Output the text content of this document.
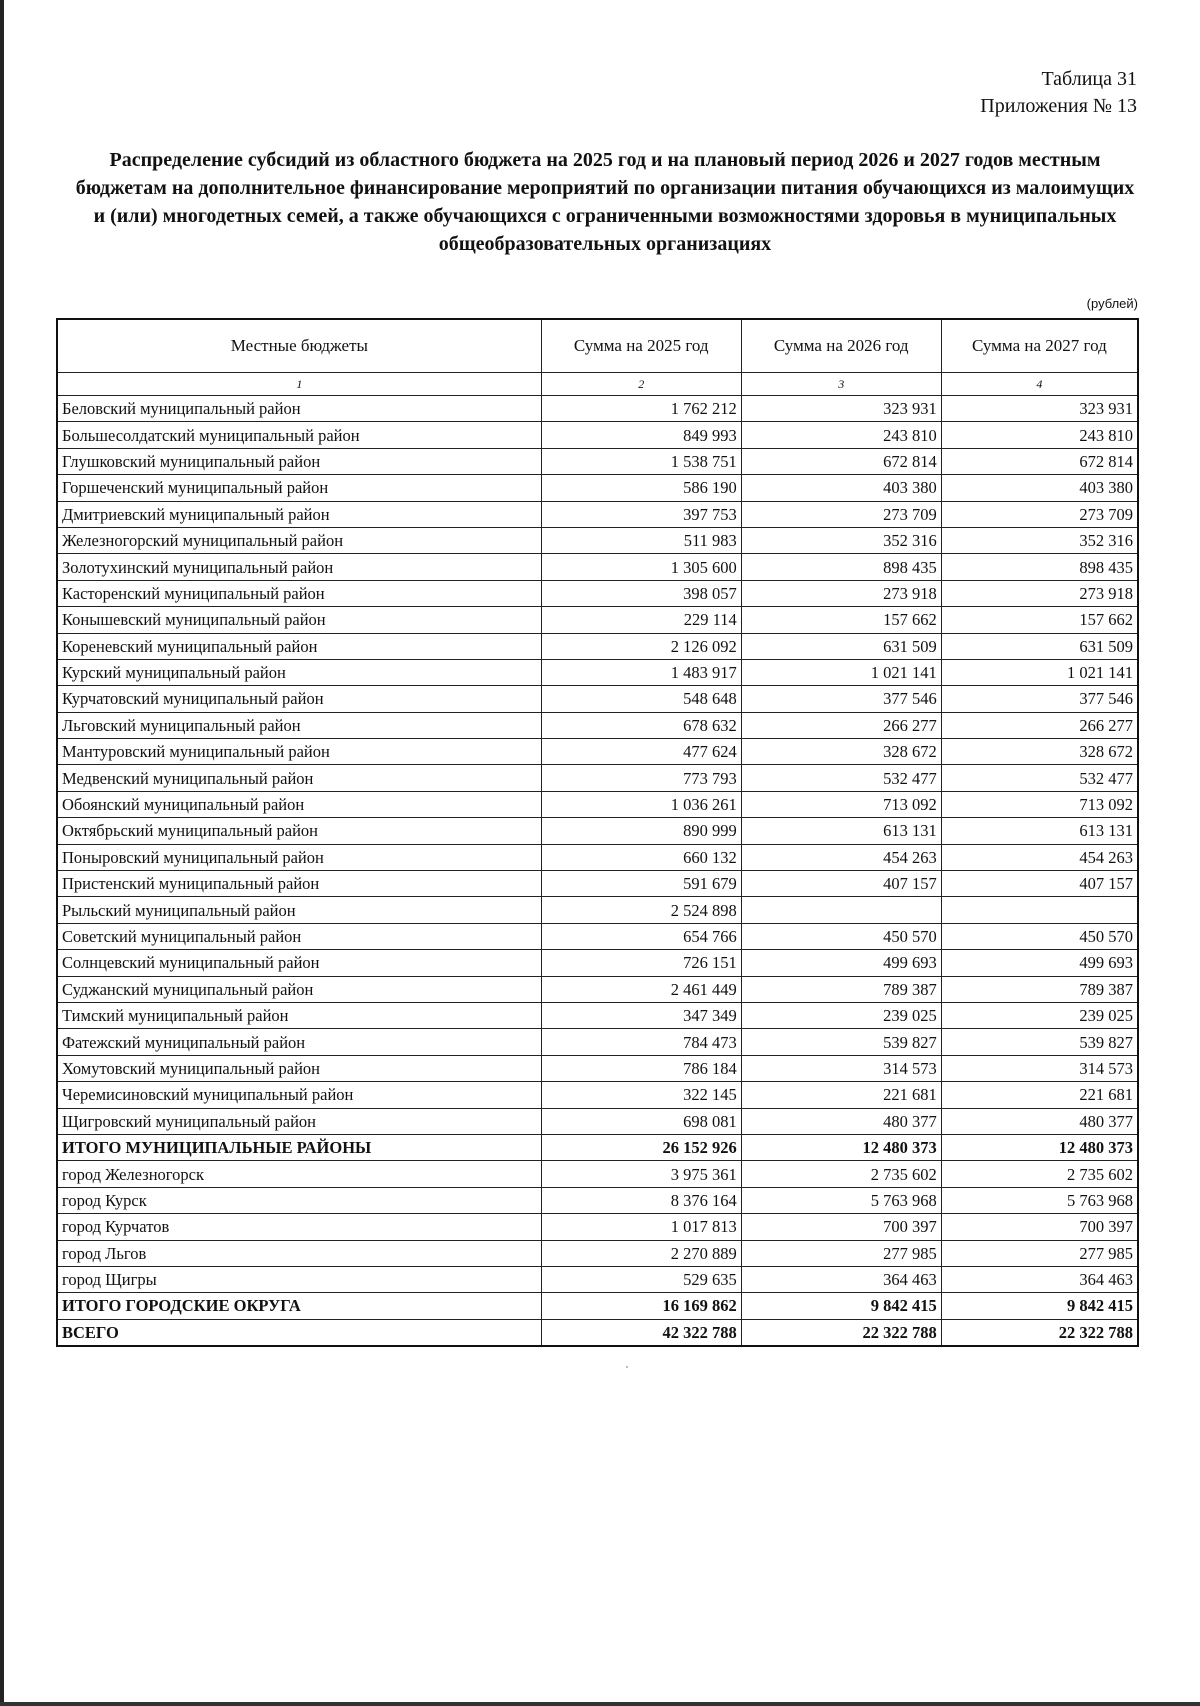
Таблица 31
Приложения № 13
Распределение субсидий из областного бюджета на 2025 год и на плановый период 2026 и 2027 годов местным бюджетам на дополнительное финансирование мероприятий по организации питания обучающихся из малоимущих и (или) многодетных семей, а также обучающихся с ограниченными возможностями здоровья в муниципальных общеобразовательных организациях
(рублей)
Местные бюджеты	Сумма на 2025 год	Сумма на 2026 год	Сумма на 2027 год
1	2	3	4
Беловский муниципальный район	1 762 212	323 931	323 931
Большесолдатский муниципальный район	849 993	243 810	243 810
Глушковский муниципальный район	1 538 751	672 814	672 814
Горшеченский муниципальный район	586 190	403 380	403 380
Дмитриевский муниципальный район	397 753	273 709	273 709
Железногорский муниципальный район	511 983	352 316	352 316
Золотухинский муниципальный район	1 305 600	898 435	898 435
Касторенский муниципальный район	398 057	273 918	273 918
Конышевский муниципальный район	229 114	157 662	157 662
Кореневский муниципальный район	2 126 092	631 509	631 509
Курский муниципальный район	1 483 917	1 021 141	1 021 141
Курчатовский муниципальный район	548 648	377 546	377 546
Льговский муниципальный район	678 632	266 277	266 277
Мантуровский муниципальный район	477 624	328 672	328 672
Медвенский муниципальный район	773 793	532 477	532 477
Обоянский муниципальный район	1 036 261	713 092	713 092
Октябрьский муниципальный район	890 999	613 131	613 131
Поныровский муниципальный район	660 132	454 263	454 263
Пристенский муниципальный район	591 679	407 157	407 157
Рыльский муниципальный район	2 524 898		
Советский муниципальный район	654 766	450 570	450 570
Солнцевский муниципальный район	726 151	499 693	499 693
Суджанский муниципальный район	2 461 449	789 387	789 387
Тимский муниципальный район	347 349	239 025	239 025
Фатежский муниципальный район	784 473	539 827	539 827
Хомутовский муниципальный район	786 184	314 573	314 573
Черемисиновский муниципальный район	322 145	221 681	221 681
Щигровский муниципальный район	698 081	480 377	480 377
ИТОГО МУНИЦИПАЛЬНЫЕ РАЙОНЫ	26 152 926	12 480 373	12 480 373
город Железногорск	3 975 361	2 735 602	2 735 602
город Курск	8 376 164	5 763 968	5 763 968
город Курчатов	1 017 813	700 397	700 397
город Льгов	2 270 889	277 985	277 985
город Щигры	529 635	364 463	364 463
ИТОГО ГОРОДСКИЕ ОКРУГА	16 169 862	9 842 415	9 842 415
ВСЕГО	42 322 788	22 322 788	22 322 788
